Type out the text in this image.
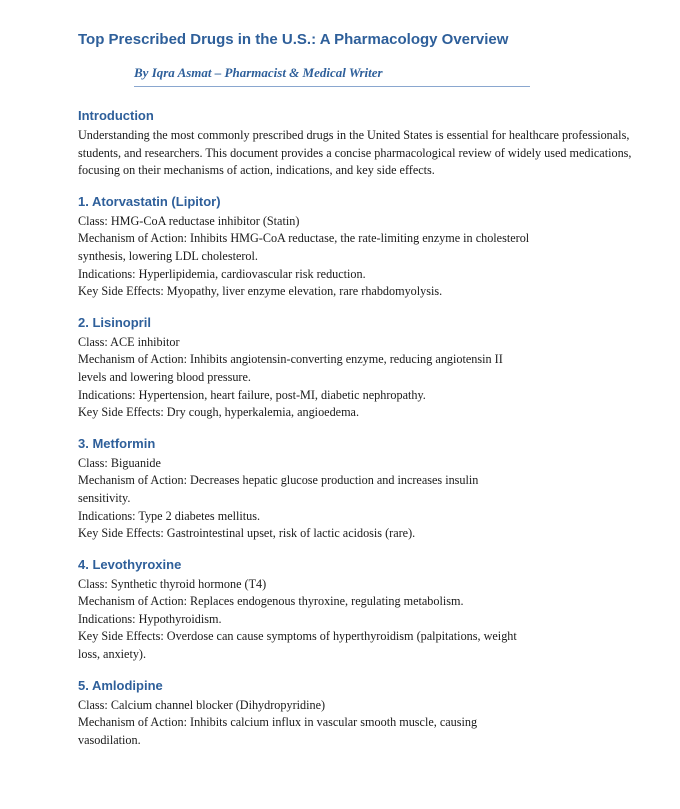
Top Prescribed Drugs in the U.S.: A Pharmacology Overview

By Iqra Asmat – Pharmacist & Medical Writer

Introduction

Understanding the most commonly prescribed drugs in the United States is essential for healthcare professionals, students, and researchers. This document provides a concise pharmacological review of widely used medications, focusing on their mechanisms of action, indications, and key side effects.

1. Atorvastatin (Lipitor)

Class: HMG-CoA reductase inhibitor (Statin)
Mechanism of Action: Inhibits HMG-CoA reductase, the rate-limiting enzyme in cholesterol
synthesis, lowering LDL cholesterol.
Indications: Hyperlipidemia, cardiovascular risk reduction.
Key Side Effects: Myopathy, liver enzyme elevation, rare rhabdomyolysis.

2. Lisinopril

Class: ACE inhibitor
Mechanism of Action: Inhibits angiotensin-converting enzyme, reducing angiotensin II
levels and lowering blood pressure.
Indications: Hypertension, heart failure, post-MI, diabetic nephropathy.
Key Side Effects: Dry cough, hyperkalemia, angioedema.

3. Metformin

Class: Biguanide
Mechanism of Action: Decreases hepatic glucose production and increases insulin
sensitivity.
Indications: Type 2 diabetes mellitus.
Key Side Effects: Gastrointestinal upset, risk of lactic acidosis (rare).

4. Levothyroxine

Class: Synthetic thyroid hormone (T4)
Mechanism of Action: Replaces endogenous thyroxine, regulating metabolism.
Indications: Hypothyroidism.
Key Side Effects: Overdose can cause symptoms of hyperthyroidism (palpitations, weight
loss, anxiety).

5. Amlodipine

Class: Calcium channel blocker (Dihydropyridine)
Mechanism of Action: Inhibits calcium influx in vascular smooth muscle, causing
vasodilation.
